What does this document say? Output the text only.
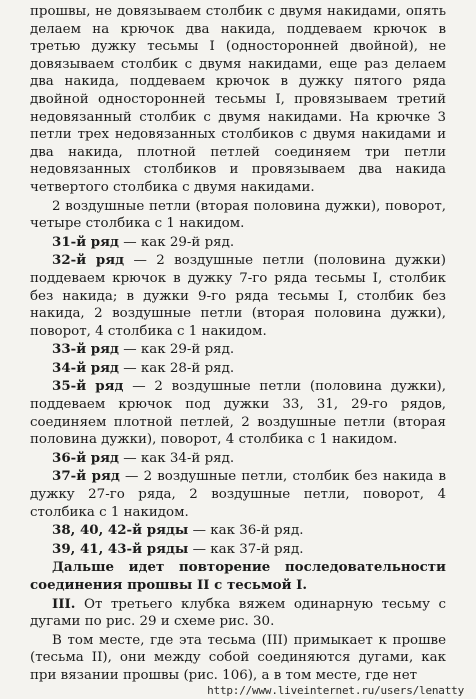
прошвы, не довязываем столбик с двумя накидами, опять делаем на крючок два накида, поддеваем крючок в третью дужку тесьмы I (односторонней двойной), не довязываем столбик с двумя накидами, еще раз делаем два накида, поддеваем крючок в дужку пятого ряда двойной односторонней тесьмы I, провязываем третий недовязанный столбик с двумя накидами. На крючке 3 петли трех недовязанных столбиков с двумя накидами и два накида, плотной петлей соединяем три петли недовязанных столбиков и провязываем два накида четвертого столбика с двумя накидами.

2 воздушные петли (вторая половина дужки), поворот, четыре столбика с 1 накидом.

31-й ряд — как 29-й ряд.

32-й ряд — 2 воздушные петли (половина дужки) поддеваем крючок в дужку 7-го ряда тесьмы I, столбик без накида; в дужки 9-го ряда тесьмы I, столбик без накида, 2 воздушные петли (вторая половина дужки), поворот, 4 столбика с 1 накидом.

33-й ряд — как 29-й ряд.

34-й ряд — как 28-й ряд.

35-й ряд — 2 воздушные петли (половина дужки), поддеваем крючок под дужки 33, 31, 29-го рядов, соединяем плотной петлей, 2 воздушные петли (вторая половина дужки), поворот, 4 столбика с 1 накидом.

36-й ряд — как 34-й ряд.

37-й ряд — 2 воздушные петли, столбик без накида в дужку 27-го ряда, 2 воздушные петли, поворот, 4 столбика с 1 накидом.

38, 40, 42-й ряды — как 36-й ряд.

39, 41, 43-й ряды — как 37-й ряд.

Дальше идет повторение последовательности соединения прошвы II с тесьмой I.

III. От третьего клубка вяжем одинарную тесьму с дугами по рис. 29 и схеме рис. 30.

В том месте, где эта тесьма (III) примыкает к прошве (тесьма II), они между собой соединяются дугами, как при вязании прошвы (рис. 106), а в том месте, где нет

http://www.liveinternet.ru/users/lenatty
